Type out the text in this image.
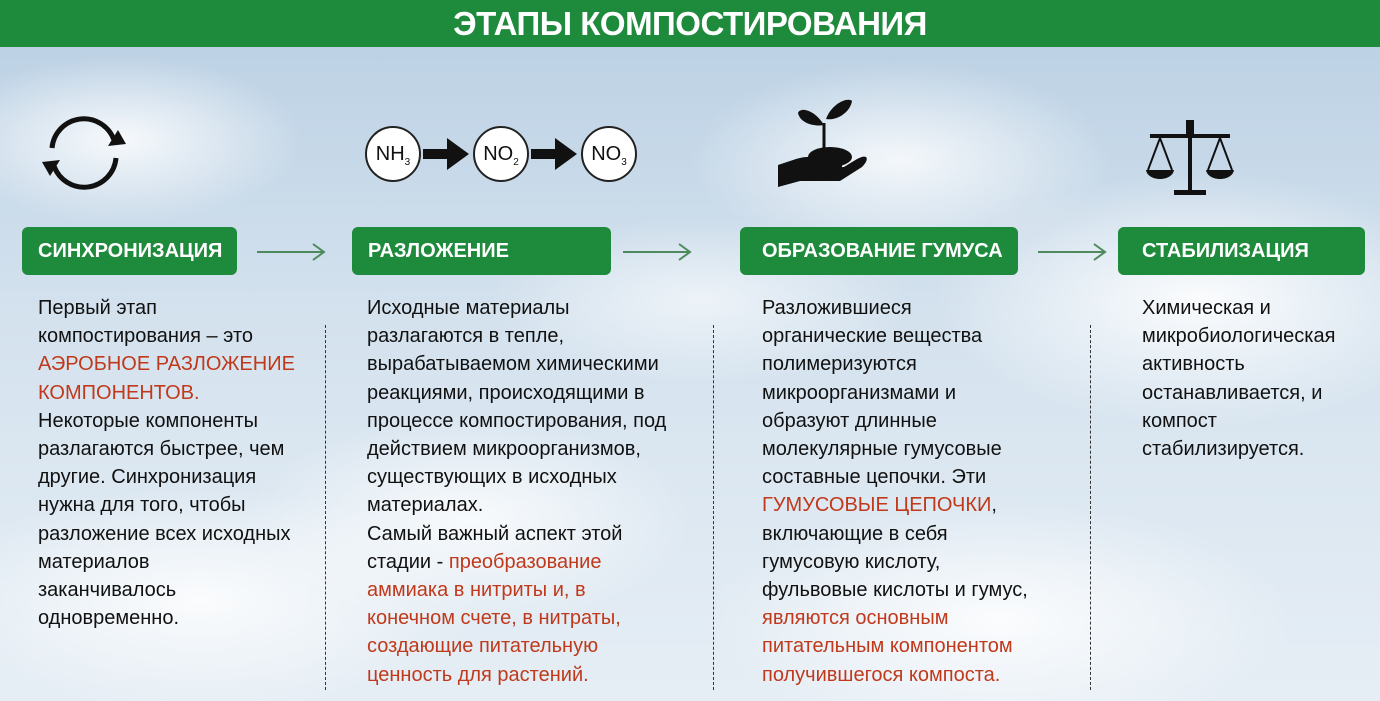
ЭТАПЫ КОМПОСТИРОВАНИЯ
$NH_3$	$NO_2$	$NO_3$
СИНХРОНИЗАЦИЯ	РАЗЛОЖЕНИЕ	ОБРАЗОВАНИЕ ГУМУСА	СТАБИЛИЗАЦИЯ
Первый этап
компостирования – это
АЭРОБНОЕ РАЗЛОЖЕНИЕ
КОМПОНЕНТОВ.
Некоторые компоненты
разлагаются быстрее, чем
другие. Синхронизация
нужна для того, чтобы
разложение всех исходных
материалов
заканчивалось
одновременно.
Исходные материалы
разлагаются в тепле,
вырабатываемом химическими
реакциями, происходящими в
процессе компостирования, под
действием микроорганизмов,
существующих в исходных
материалах.
Самый важный аспект этой
стадии - преобразование
аммиака в нитриты и, в
конечном счете, в нитраты,
создающие питательную
ценность для растений.
Разложившиеся
органические вещества
полимеризуются
микроорганизмами и
образуют длинные
молекулярные гумусовые
составные цепочки. Эти
ГУМУСОВЫЕ ЦЕПОЧКИ,
включающие в себя
гумусовую кислоту,
фульвовые кислоты и гумус,
являются основным
питательным компонентом
получившегося компоста.
Химическая и
микробиологическая
активность
останавливается, и
компост
стабилизируется.
